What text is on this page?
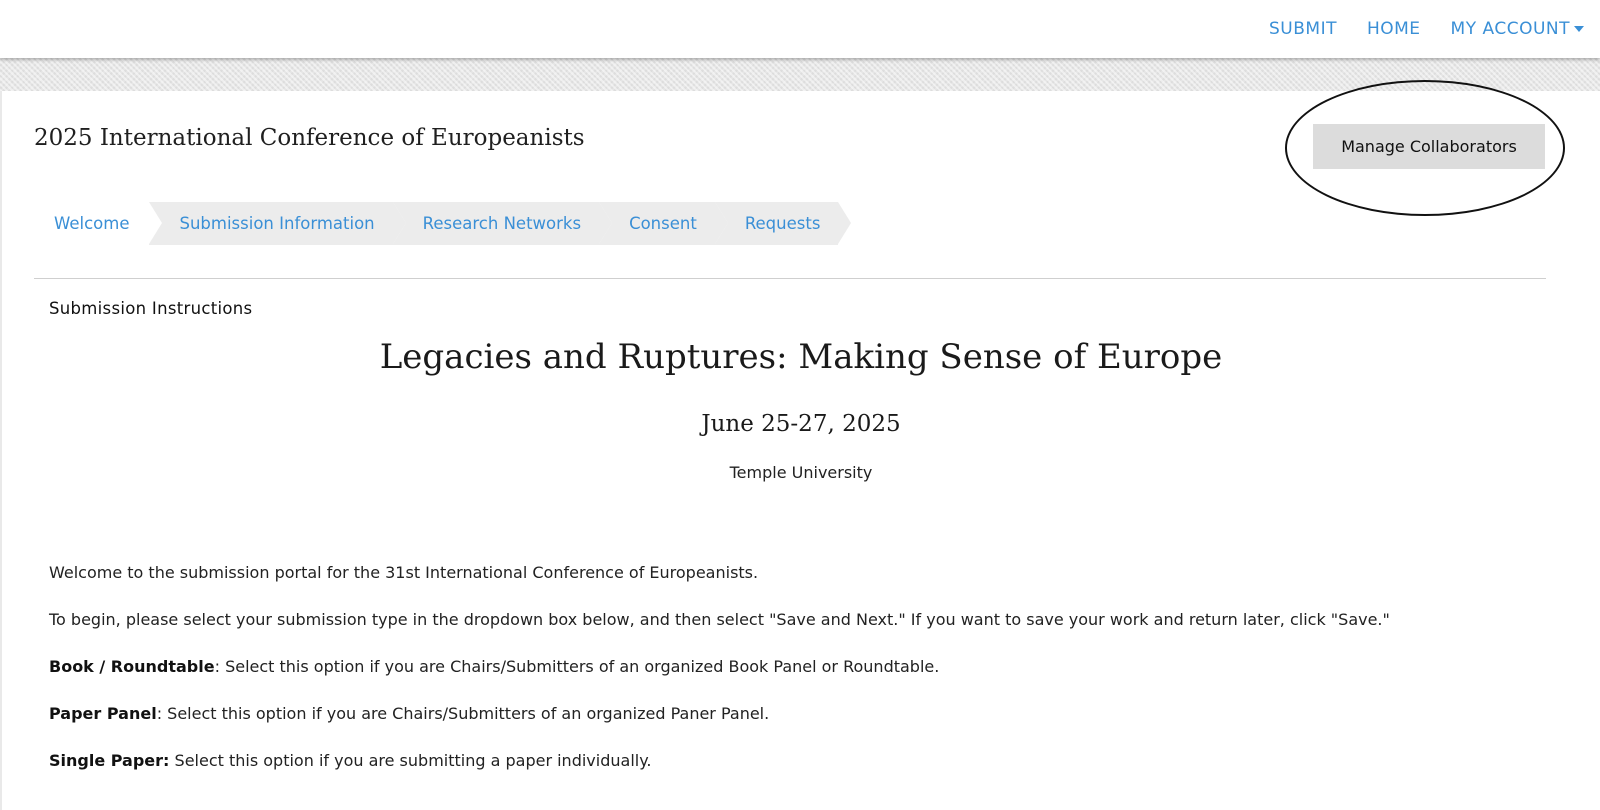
SUBMIT HOME MY ACCOUNT
2025 International Conference of Europeanists	Manage Collaborators
Welcome	Submission Information	Research Networks	Consent	Requests
Submission Instructions
Legacies and Ruptures: Making Sense of Europe
June 25-27, 2025
Temple University
Welcome to the submission portal for the 31st International Conference of Europeanists.
To begin, please select your submission type in the dropdown box below, and then select "Save and Next." If you want to save your work and return later, click "Save."
Book / Roundtable: Select this option if you are Chairs/Submitters of an organized Book Panel or Roundtable.
Paper Panel: Select this option if you are Chairs/Submitters of an organized Paner Panel.
Single Paper: Select this option if you are submitting a paper individually.
